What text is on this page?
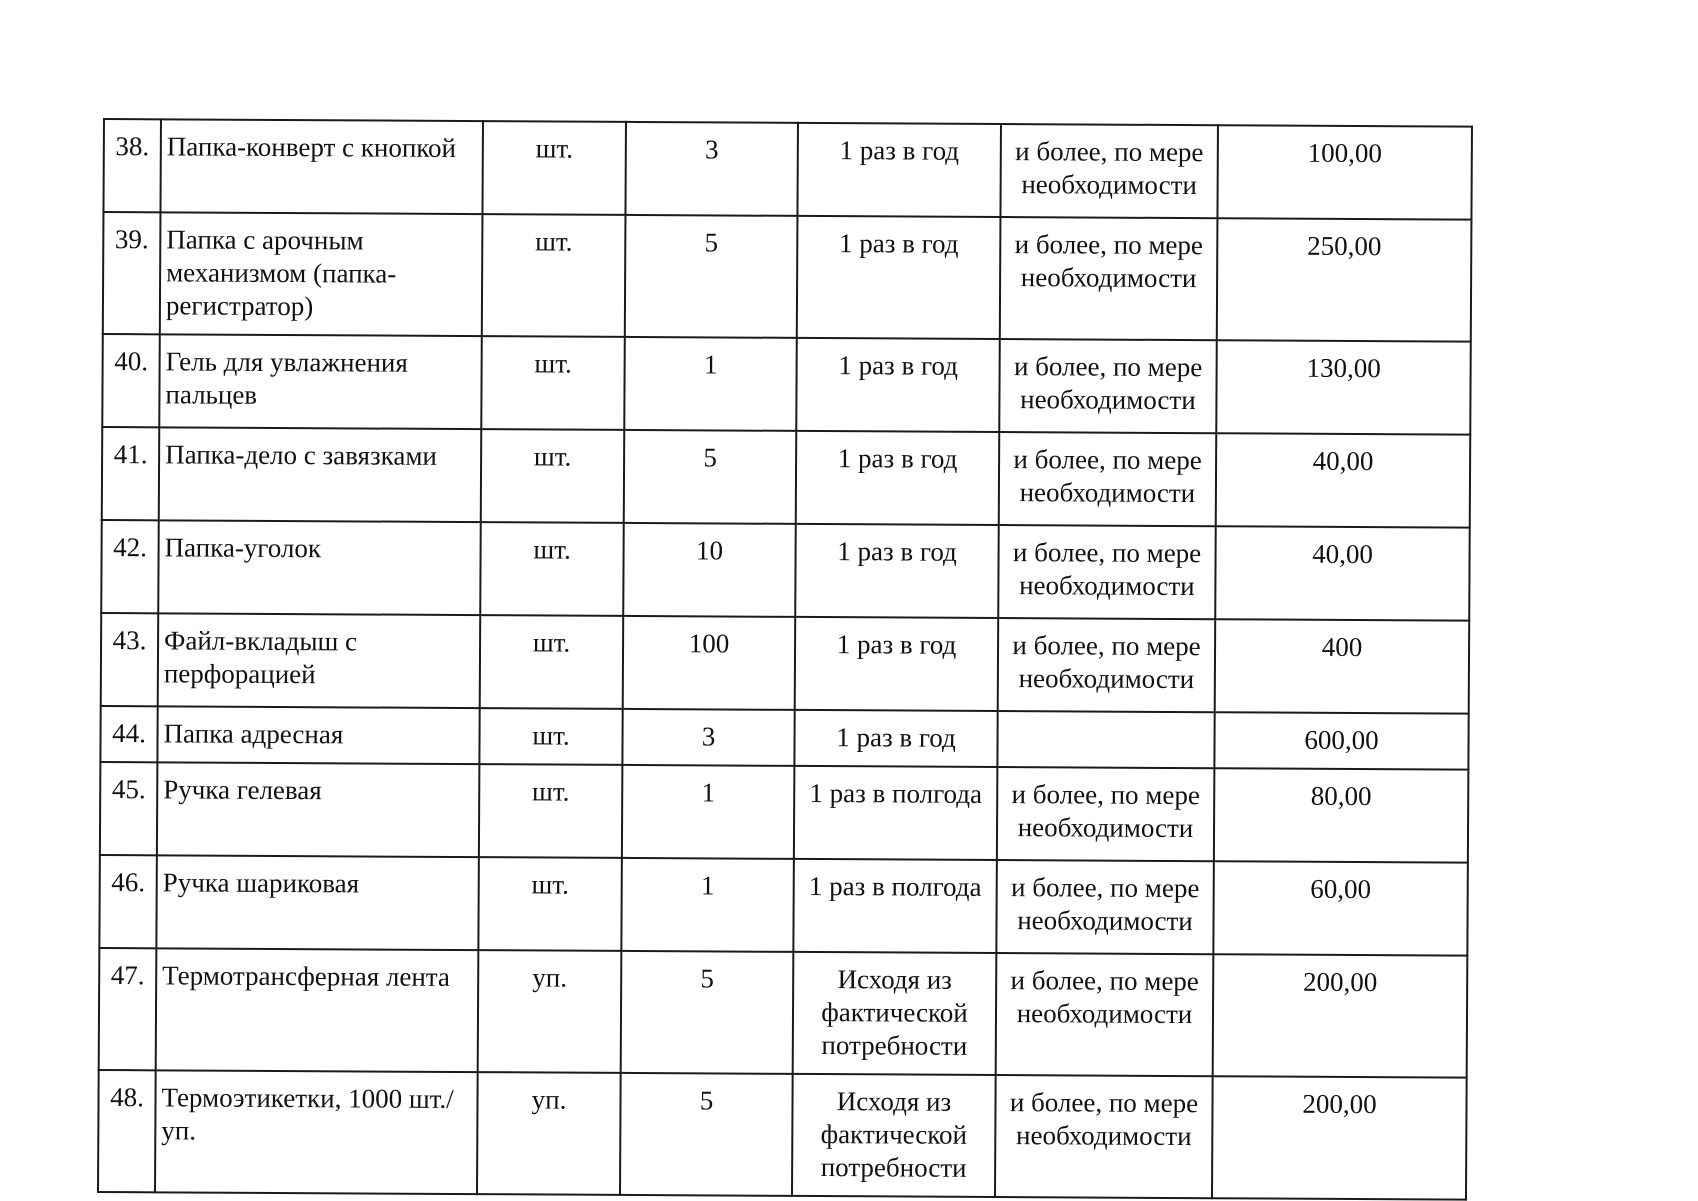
38.	Папка-конверт с кнопкой	шт.	3	1 раз в год	и более, по мере необходимости	100,00
39.	Папка с арочным механизмом (папка-регистратор)	шт.	5	1 раз в год	и более, по мере необходимости	250,00
40.	Гель для увлажнения пальцев	шт.	1	1 раз в год	и более, по мере необходимости	130,00
41.	Папка-дело с завязками	шт.	5	1 раз в год	и более, по мере необходимости	40,00
42.	Папка-уголок	шт.	10	1 раз в год	и более, по мере необходимости	40,00
43.	Файл-вкладыш с перфорацией	шт.	100	1 раз в год	и более, по мере необходимости	400
44.	Папка адресная	шт.	3	1 раз в год		600,00
45.	Ручка гелевая	шт.	1	1 раз в полгода	и более, по мере необходимости	80,00
46.	Ручка шариковая	шт.	1	1 раз в полгода	и более, по мере необходимости	60,00
47.	Термотрансферная лента	уп.	5	Исходя из фактической потребности	и более, по мере необходимости	200,00
48.	Термоэтикетки, 1000 шт./уп.	уп.	5	Исходя из фактической потребности	и более, по мере необходимости	200,00
